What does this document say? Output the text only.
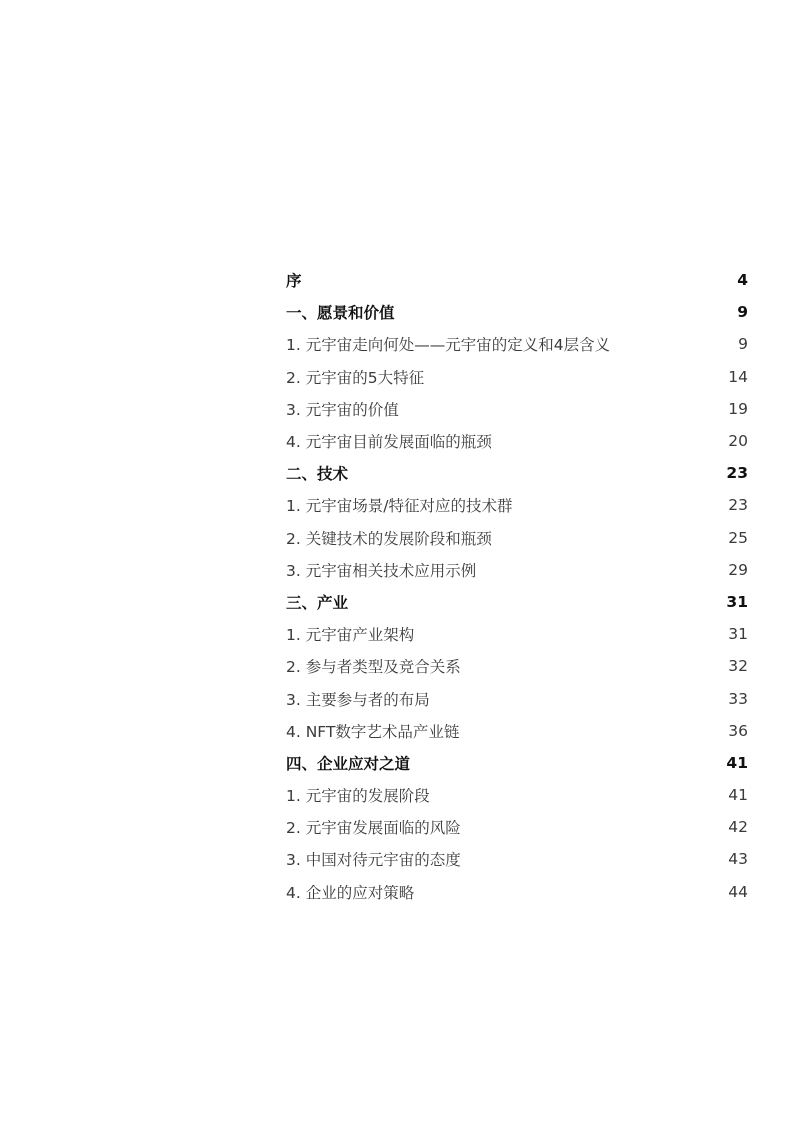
序	4
一、愿景和价值	9
1. 元宇宙走向何处——元宇宙的定义和4层含义	9
2. 元宇宙的5大特征	14
3. 元宇宙的价值	19
4. 元宇宙目前发展面临的瓶颈	20
二、技术	23
1. 元宇宙场景/特征对应的技术群	23
2. 关键技术的发展阶段和瓶颈	25
3. 元宇宙相关技术应用示例	29
三、产业	31
1. 元宇宙产业架构	31
2. 参与者类型及竞合关系	32
3. 主要参与者的布局	33
4. NFT数字艺术品产业链	36
四、企业应对之道	41
1. 元宇宙的发展阶段	41
2. 元宇宙发展面临的风险	42
3. 中国对待元宇宙的态度	43
4. 企业的应对策略	44
